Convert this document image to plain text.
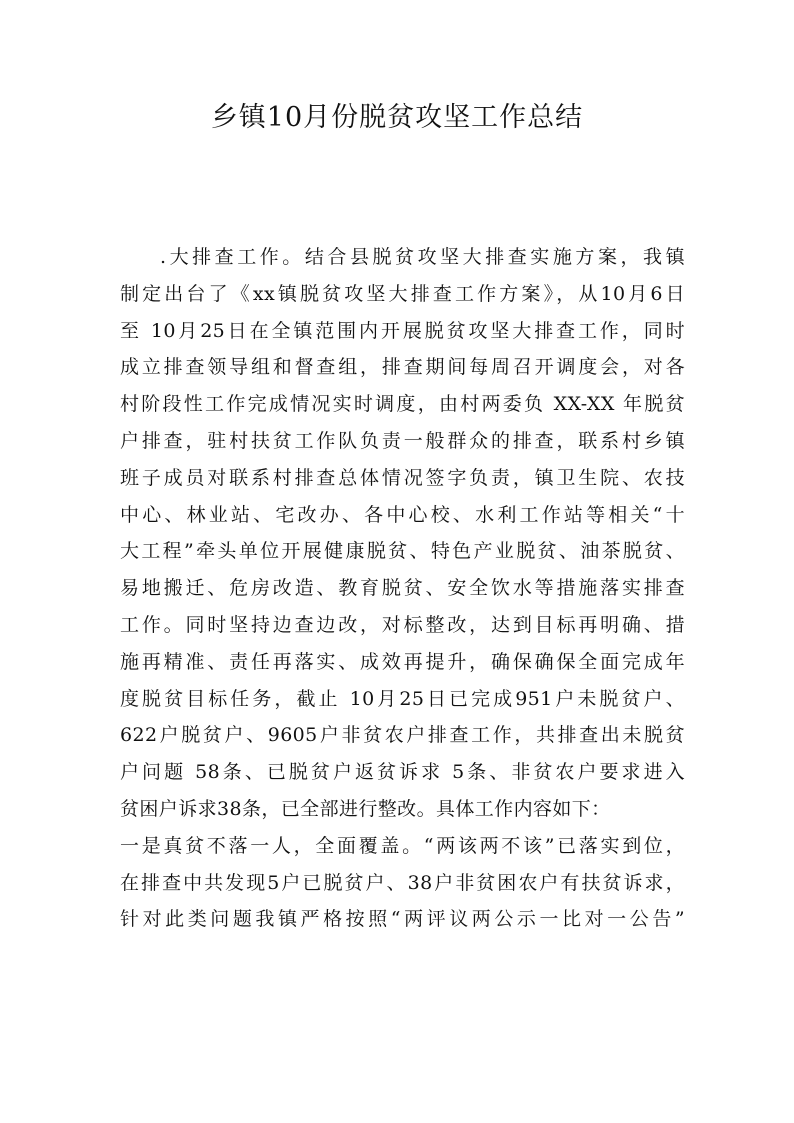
乡镇10月份脱贫攻坚工作总结
.大排查工作。结合县脱贫攻坚大排查实施方案，我镇
制定出台了《xx镇脱贫攻坚大排查工作方案》，从10月6日
至 10月25日在全镇范围内开展脱贫攻坚大排查工作，同时
成立排查领导组和督查组，排查期间每周召开调度会，对各
村阶段性工作完成情况实时调度，由村两委负 XX-XX 年脱贫
户排查，驻村扶贫工作队负责一般群众的排查，联系村乡镇
班子成员对联系村排查总体情况签字负责，镇卫生院、农技
中心、林业站、宅改办、各中心校、水利工作站等相关“十
大工程”牵头单位开展健康脱贫、特色产业脱贫、油茶脱贫、
易地搬迁、危房改造、教育脱贫、安全饮水等措施落实排查
工作。同时坚持边查边改，对标整改，达到目标再明确、措
施再精准、责任再落实、成效再提升，确保确保全面完成年
度脱贫目标任务，截止 10月25日已完成951户未脱贫户、
622户脱贫户、9605户非贫农户排查工作，共排查出未脱贫
户问题 58条、已脱贫户返贫诉求 5条、非贫农户要求进入
贫困户诉求38条，已全部进行整改。具体工作内容如下：
一是真贫不落一人，全面覆盖。“两该两不该”已落实到位，
在排查中共发现5户已脱贫户、38户非贫困农户有扶贫诉求，
针对此类问题我镇严格按照“两评议两公示一比对一公告”
